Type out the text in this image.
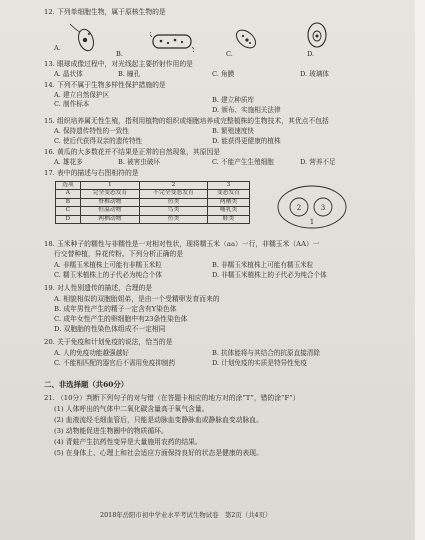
12. 下列单细胞生物，属于原核生物的是
A.
B.	C.	D.
13. 眼球成像过程中，对光线起主要折射作用的是
A. 晶状体	B. 瞳孔	C. 角膜	D. 玻璃体
14. 下列不属于生物多样性保护措施的是
A. 建立自然保护区
C. 制作标本	B. 建立种质库
D. 颁布、实施相关法律
15. 组织培养属无性生殖，指利用植物的组织或细胞培养成完整植株的生物技术，其优点不包括
A. 保持遗传特性的一致性	B. 繁殖速度快
C. 使后代获得双亲的遗传特性	D. 能获得更健康的植株
16. 黄瓜的大多数花并不结果是正常的自然现象，其原因是
A. 雄花多	B. 被害虫破坏	C. 不能产生生殖细胞	D. 营养不足
17. 表中的描述与右图相符的是
选项	1	2	3
A	完全变态发育	不完全变态发育	变态发育
B	脊椎动物	鱼类	两栖类
C	恒温动物	鸟类	哺乳类
D	两栖动物	鱼类	蛙类
2	3
1
18. 玉米种子的糯性与非糯性是一对相对性状，现将糯玉米（aa）一行，非糯玉米（AA）一
行交替种植，异花传粉。下列分析正确的是
A. 非糯玉米植株上可能有非糯玉米粒	B. 非糯玉米植株上可能有糯玉米粒
C. 糯玉米植株上的子代必为纯合个体	D. 非糯玉米植株上的子代必为纯合个体
19. 对人性别遗传的描述，合理的是
A. 相貌相似的双胞胎姐弟，是由一个受精卵发育而来的
B. 成年男性产生的精子一定含有Y染色体
C. 成年女性产生的卵细胞中有23条性染色体
D. 双胞胎的性染色体组成不一定相同
20. 关于免疫和计划免疫的说法，恰当的是
A. 人的免疫功能越强越好	B. 抗体能将与其结合的抗原直接清除
C. 不能相匹配的器官后不需用免疫抑制药	D. 计划免疫的实质是特异性免疫
二、非选择题（共60分）
21. （10分）判断下列句子的对与错（在答题卡相应的地方对的涂“T”，错的涂“F”）
(1) 人体呼出的气体中二氧化碳含量高于氧气含量。
(2) 血液流经毛细血管后，只能是动脉血变静脉血或静脉血变动脉血。
(3) 动物能促进生物圈中的物质循环。
(4) 青蛙产生抗药性变异是大量施用农药的结果。
(5) 在身体上、心理上和社会适应方面保持良好的状态是健康的表现。
2018年岳阳市初中学业水平考试生物试卷　第2页（共4页）
